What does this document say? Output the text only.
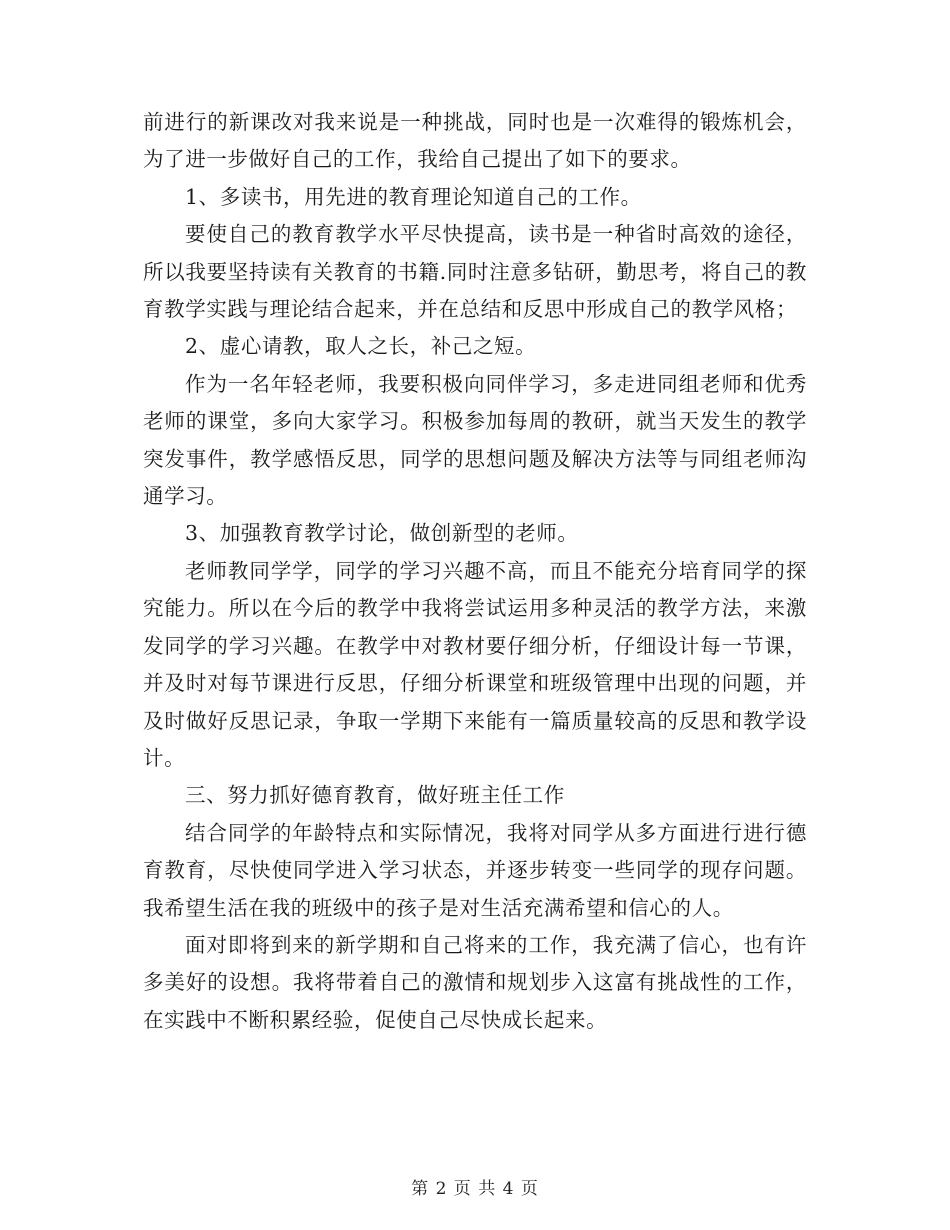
前进行的新课改对我来说是一种挑战，同时也是一次难得的锻炼机会，为了进一步做好自己的工作，我给自己提出了如下的要求。

1、多读书，用先进的教育理论知道自己的工作。

要使自己的教育教学水平尽快提高，读书是一种省时高效的途径，所以我要坚持读有关教育的书籍.同时注意多钻研，勤思考，将自己的教育教学实践与理论结合起来，并在总结和反思中形成自己的教学风格；

2、虚心请教，取人之长，补己之短。

作为一名年轻老师，我要积极向同伴学习，多走进同组老师和优秀老师的课堂，多向大家学习。积极参加每周的教研，就当天发生的教学突发事件，教学感悟反思，同学的思想问题及解决方法等与同组老师沟通学习。

3、加强教育教学讨论，做创新型的老师。

老师教同学学，同学的学习兴趣不高，而且不能充分培育同学的探究能力。所以在今后的教学中我将尝试运用多种灵活的教学方法，来激发同学的学习兴趣。在教学中对教材要仔细分析，仔细设计每一节课，并及时对每节课进行反思，仔细分析课堂和班级管理中出现的问题，并及时做好反思记录，争取一学期下来能有一篇质量较高的反思和教学设计。

三、努力抓好德育教育，做好班主任工作

结合同学的年龄特点和实际情况，我将对同学从多方面进行进行德育教育，尽快使同学进入学习状态，并逐步转变一些同学的现存问题。我希望生活在我的班级中的孩子是对生活充满希望和信心的人。

面对即将到来的新学期和自己将来的工作，我充满了信心，也有许多美好的设想。我将带着自己的激情和规划步入这富有挑战性的工作，在实践中不断积累经验，促使自己尽快成长起来。

第 2 页 共 4 页
